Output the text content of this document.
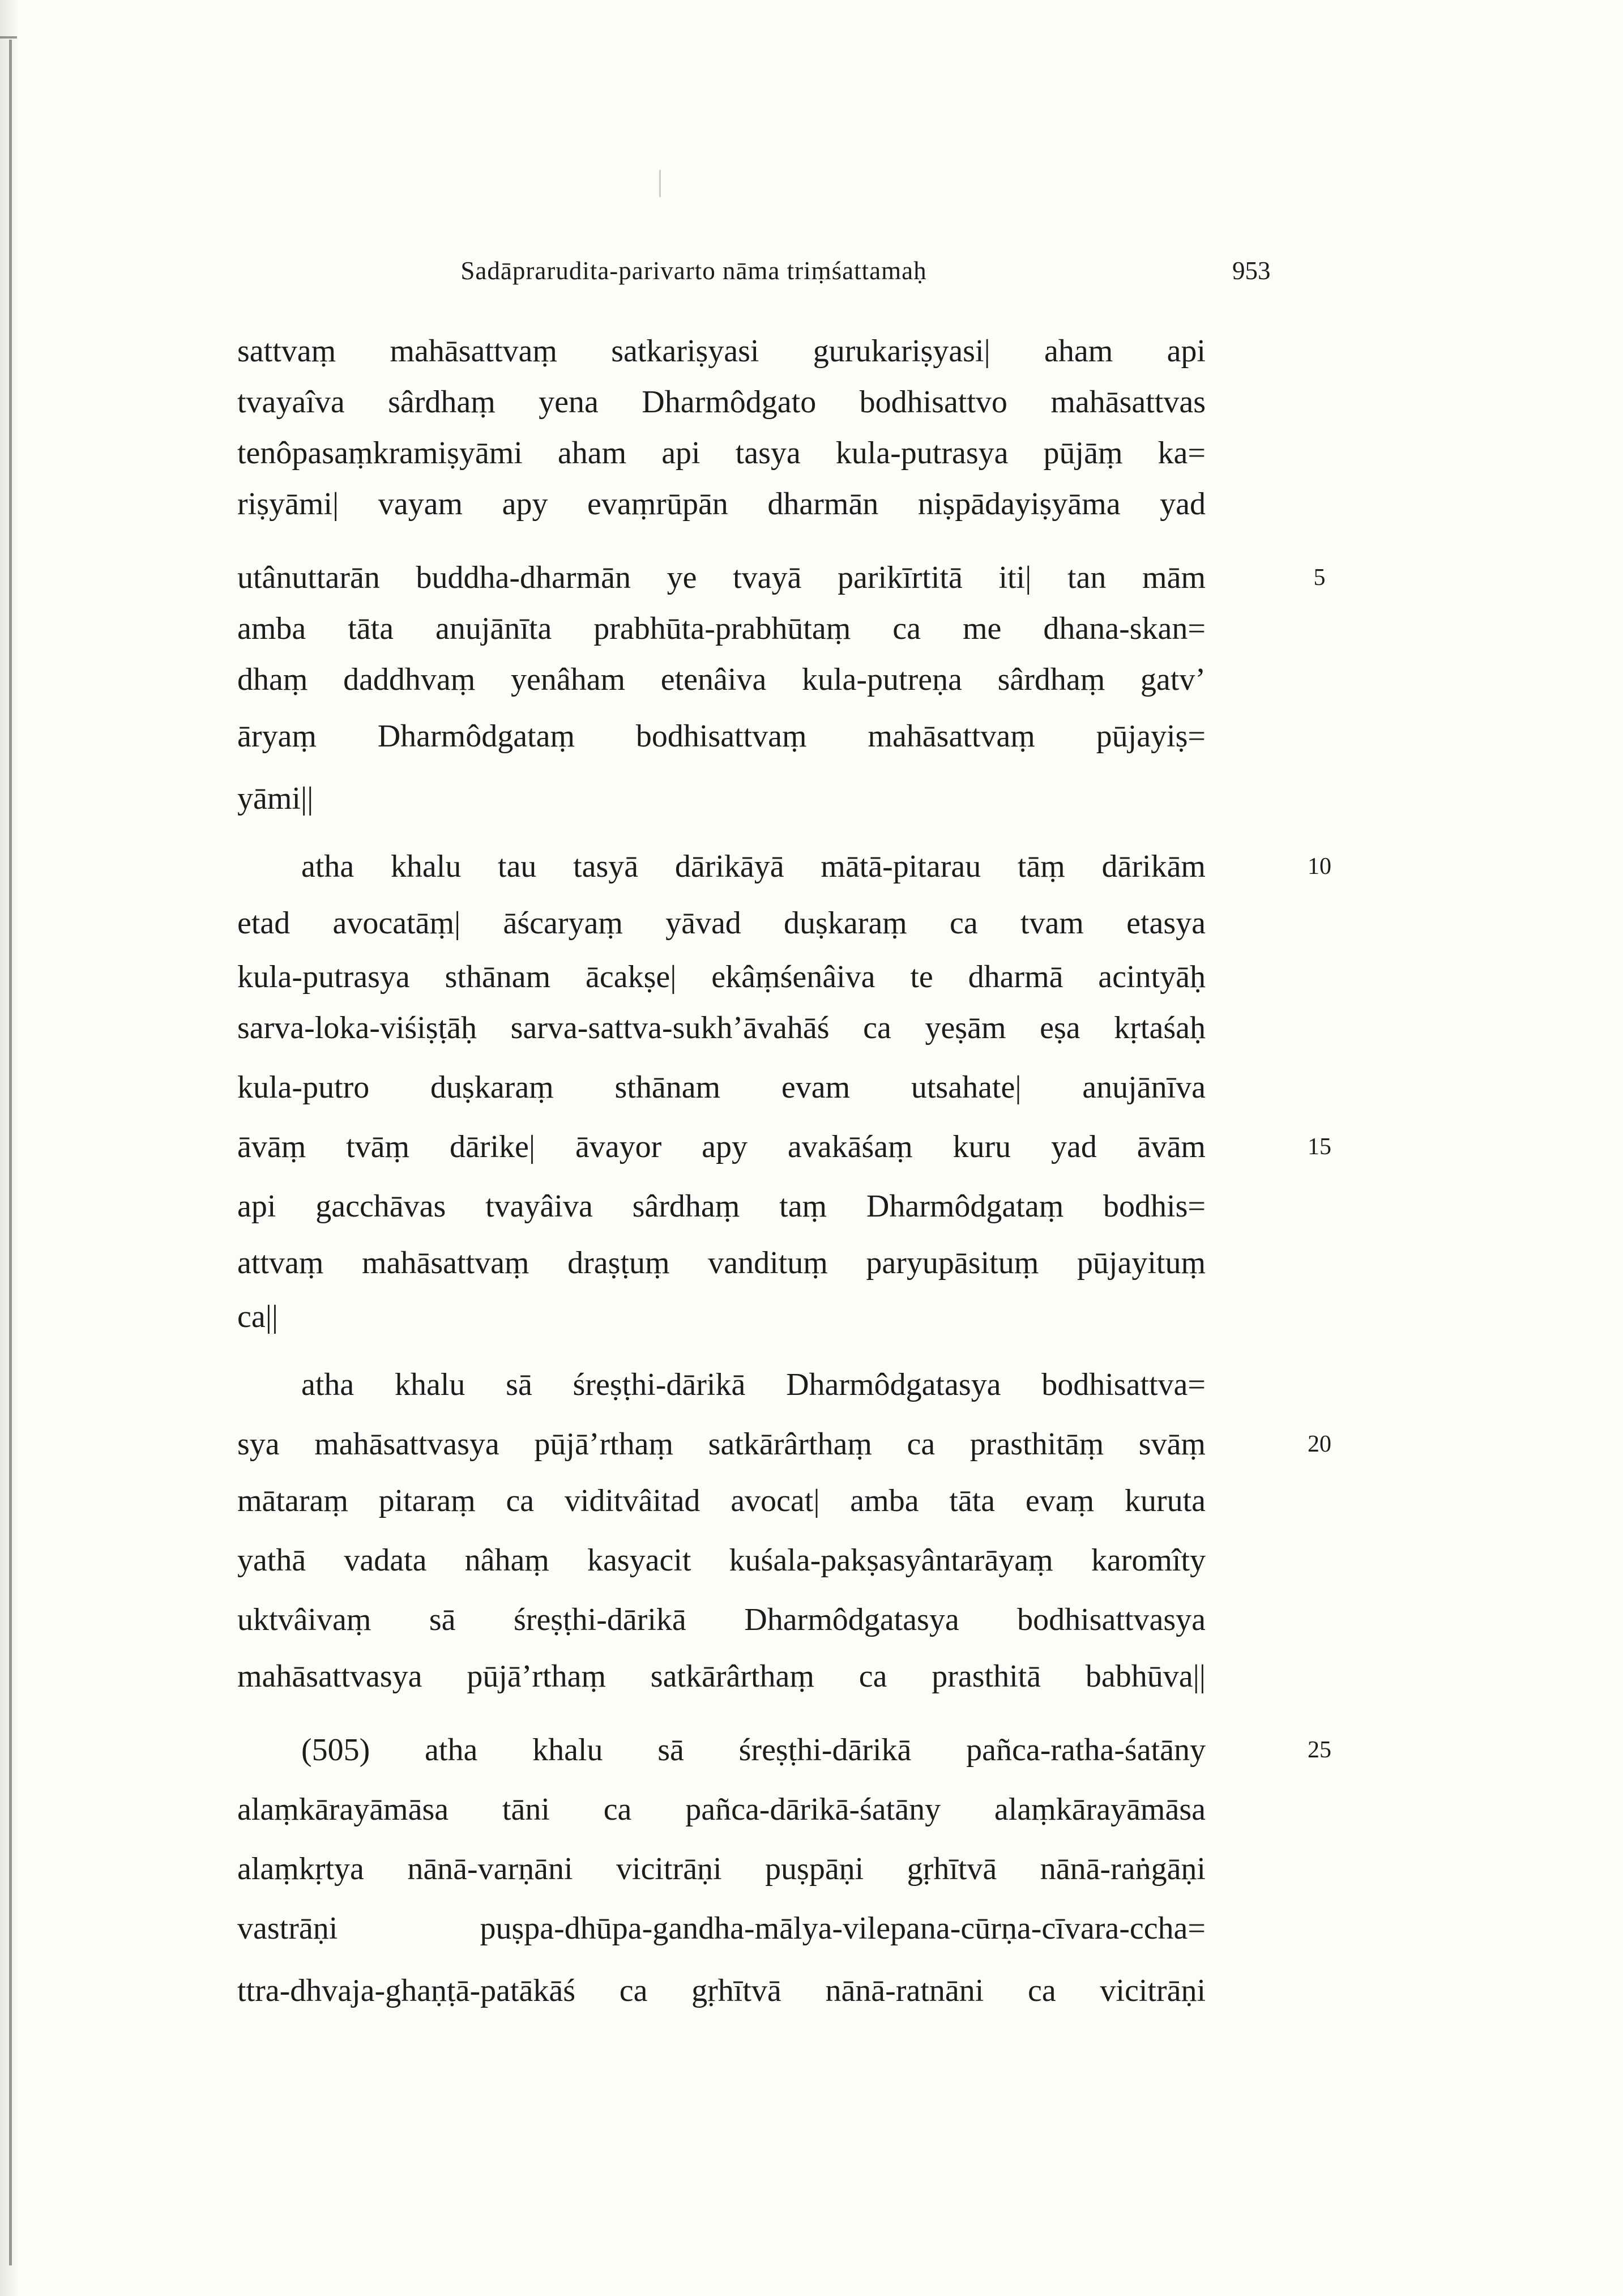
Sadāprarudita-parivarto nāma triṃśattamaḥ	953
sattvaṃ mahāsattvaṃ satkariṣyasi gurukariṣyasi| aham api
tvayaîva sârdhaṃ yena Dharmôdgato bodhisattvo mahāsattvas
tenôpasaṃkramiṣyāmi aham api tasya kula-putrasya pūjāṃ ka=
riṣyāmi| vayam apy evaṃrūpān dharmān niṣpādayiṣyāma yad
utânuttarān buddha-dharmān ye tvayā parikīrtitā iti| tan mām
amba tāta anujānīta prabhūta-prabhūtaṃ ca me dhana-skan=
dhaṃ daddhvaṃ yenâham etenâiva kula-putreṇa sârdhaṃ gatv’
āryaṃ Dharmôdgataṃ bodhisattvaṃ mahāsattvaṃ pūjayiṣ=
yāmi||
atha khalu tau tasyā dārikāyā mātā-pitarau tāṃ dārikām
etad avocatāṃ| āścaryaṃ yāvad duṣkaraṃ ca tvam etasya
kula-putrasya sthānam ācakṣe| ekâṃśenâiva te dharmā acintyāḥ
sarva-loka-viśiṣṭāḥ sarva-sattva-sukh’āvahāś ca yeṣām eṣa kṛtaśaḥ
kula-putro duṣkaraṃ sthānam evam utsahate| anujānīva
āvāṃ tvāṃ dārike| āvayor apy avakāśaṃ kuru yad āvām
api gacchāvas tvayâiva sârdhaṃ taṃ Dharmôdgataṃ bodhis=
attvaṃ mahāsattvaṃ draṣṭuṃ vandituṃ paryupāsituṃ pūjayituṃ
ca||
atha khalu sā śreṣṭhi-dārikā Dharmôdgatasya bodhisattva=
sya mahāsattvasya pūjā’rthaṃ satkārârthaṃ ca prasthitāṃ svāṃ
mātaraṃ pitaraṃ ca viditvâitad avocat| amba tāta evaṃ kuruta
yathā vadata nâhaṃ kasyacit kuśala-pakṣasyântarāyaṃ karomîty
uktvâivaṃ sā śreṣṭhi-dārikā Dharmôdgatasya bodhisattvasya
mahāsattvasya pūjā’rthaṃ satkārârthaṃ ca prasthitā babhūva||
(505) atha khalu sā śreṣṭhi-dārikā pañca-ratha-śatāny
alaṃkārayāmāsa tāni ca pañca-dārikā-śatāny alaṃkārayāmāsa
alaṃkṛtya nānā-varṇāni vicitrāṇi puṣpāṇi gṛhītvā nānā-raṅgāṇi
vastrāṇi puṣpa-dhūpa-gandha-mālya-vilepana-cūrṇa-cīvara-ccha=
ttra-dhvaja-ghaṇṭā-patākāś ca gṛhītvā nānā-ratnāni ca vicitrāṇi
5
10
15
20
25
